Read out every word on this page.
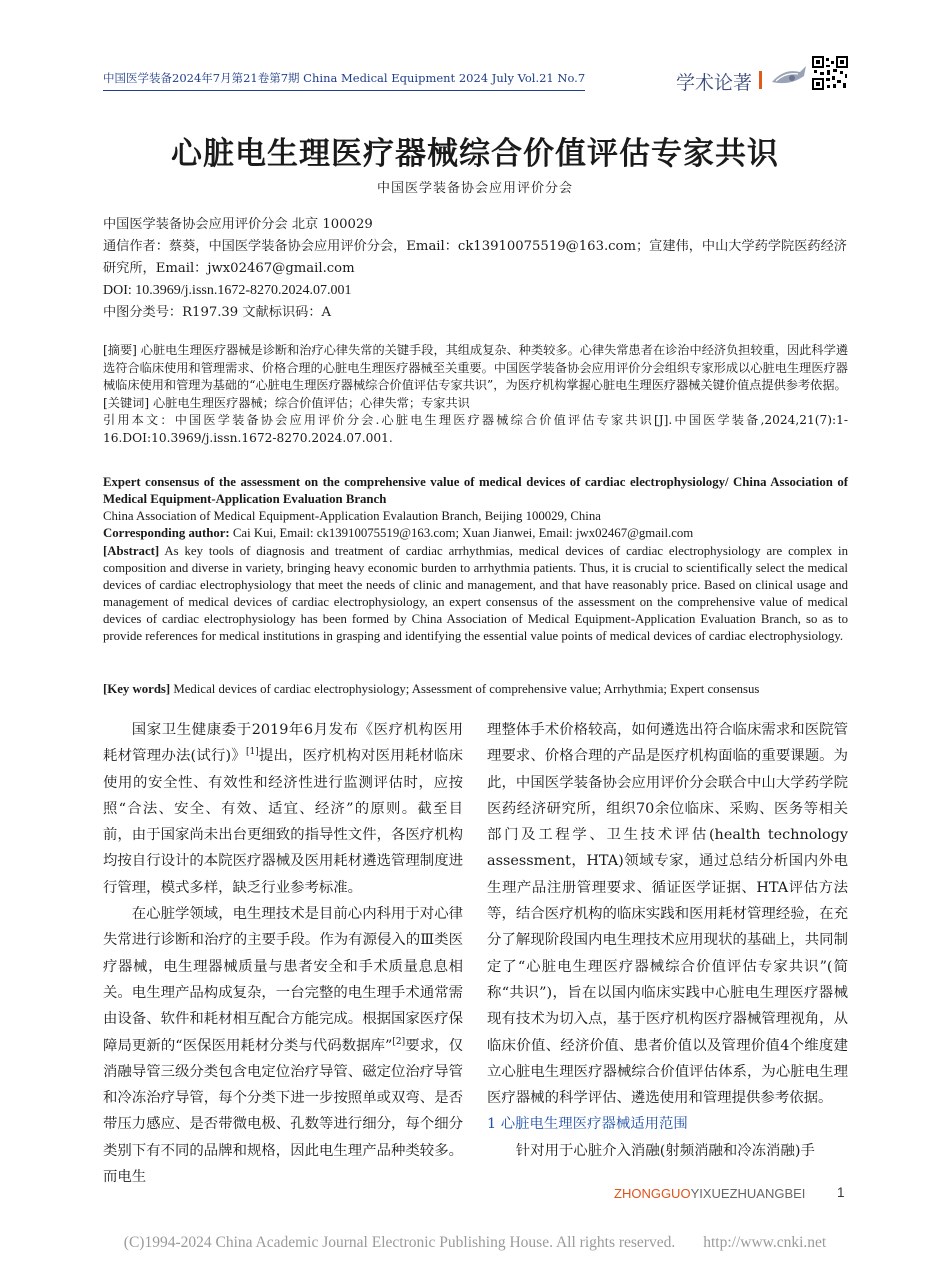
中国医学装备2024年7月第21卷第7期 China Medical Equipment 2024 July Vol.21 No.7	学术论著
心脏电生理医疗器械综合价值评估专家共识
中国医学装备协会应用评价分会
中国医学装备协会应用评价分会 北京 100029
通信作者：蔡葵，中国医学装备协会应用评价分会，Email：ck13910075519@163.com；宣建伟，中山大学药学院医药经济研究所，Email：jwx02467@gmail.com
DOI: 10.3969/j.issn.1672-8270.2024.07.001
中图分类号：R197.39 文献标识码：A
[摘要] 心脏电生理医疗器械是诊断和治疗心律失常的关键手段，其组成复杂、种类较多。心律失常患者在诊治中经济负担较重，因此科学遴选符合临床使用和管理需求、价格合理的心脏电生理医疗器械至关重要。中国医学装备协会应用评价分会组织专家形成以心脏电生理医疗器械临床使用和管理为基础的“心脏电生理医疗器械综合价值评估专家共识”，为医疗机构掌握心脏电生理医疗器械关键价值点提供参考依据。
[关键词] 心脏电生理医疗器械；综合价值评估；心律失常；专家共识
引用本文：中国医学装备协会应用评价分会.心脏电生理医疗器械综合价值评估专家共识[J].中国医学装备,2024,21(7):1-16.DOI:10.3969/j.issn.1672-8270.2024.07.001.
Expert consensus of the assessment on the comprehensive value of medical devices of cardiac electrophysiology/ China Association of Medical Equipment-Application Evaluation Branch
China Association of Medical Equipment-Application Evalaution Branch, Beijing 100029, China
Corresponding author: Cai Kui, Email: ck13910075519@163.com; Xuan Jianwei, Email: jwx02467@gmail.com
[Abstract] As key tools of diagnosis and treatment of cardiac arrhythmias, medical devices of cardiac electrophysiology are complex in composition and diverse in variety, bringing heavy economic burden to arrhythmia patients. Thus, it is crucial to scientifically select the medical devices of cardiac electrophysiology that meet the needs of clinic and management, and that have reasonably price. Based on clinical usage and management of medical devices of cardiac electrophysiology, an expert consensus of the assessment on the comprehensive value of medical devices of cardiac electrophysiology has been formed by China Association of Medical Equipment-Application Evaluation Branch, so as to provide references for medical institutions in grasping and identifying the essential value points of medical devices of cardiac electrophysiology.
[Key words] Medical devices of cardiac electrophysiology; Assessment of comprehensive value; Arrhythmia; Expert consensus

国家卫生健康委于2019年6月发布《医疗机构医用耗材管理办法(试行)》[1]提出，医疗机构对医用耗材临床使用的安全性、有效性和经济性进行监测评估时，应按照“合法、安全、有效、适宜、经济”的原则。截至目前，由于国家尚未出台更细致的指导性文件，各医疗机构均按自行设计的本院医疗器械及医用耗材遴选管理制度进行管理，模式多样，缺乏行业参考标准。

在心脏学领域，电生理技术是目前心内科用于对心律失常进行诊断和治疗的主要手段。作为有源侵入的Ⅲ类医疗器械，电生理器械质量与患者安全和手术质量息息相关。电生理产品构成复杂，一台完整的电生理手术通常需由设备、软件和耗材相互配合方能完成。根据国家医疗保障局更新的“医保医用耗材分类与代码数据库”[2]要求，仅消融导管三级分类包含电定位治疗导管、磁定位治疗导管和冷冻治疗导管，每个分类下进一步按照单或双弯、是否带压力感应、是否带微电极、孔数等进行细分，每个细分类别下有不同的品牌和规格，因此电生理产品种类较多。而电生

理整体手术价格较高，如何遴选出符合临床需求和医院管理要求、价格合理的产品是医疗机构面临的重要课题。为此，中国医学装备协会应用评价分会联合中山大学药学院医药经济研究所，组织70余位临床、采购、医务等相关部门及工程学、卫生技术评估(health technology assessment，HTA)领域专家，通过总结分析国内外电生理产品注册管理要求、循证医学证据、HTA评估方法等，结合医疗机构的临床实践和医用耗材管理经验，在充分了解现阶段国内电生理技术应用现状的基础上，共同制定了“心脏电生理医疗器械综合价值评估专家共识”(简称“共识”)，旨在以国内临床实践中心脏电生理医疗器械现有技术为切入点，基于医疗机构医疗器械管理视角，从临床价值、经济价值、患者价值以及管理价值4个维度建立心脏电生理医疗器械综合价值评估体系，为心脏电生理医疗器械的科学评估、遴选使用和管理提供参考依据。

1 心脏电生理医疗器械适用范围

针对用于心脏介入消融(射频消融和冷冻消融)手

ZHONGGUOYIXUEZHUANGBEI 1
(C)1994-2024 China Academic Journal Electronic Publishing House. All rights reserved. http://www.cnki.net
